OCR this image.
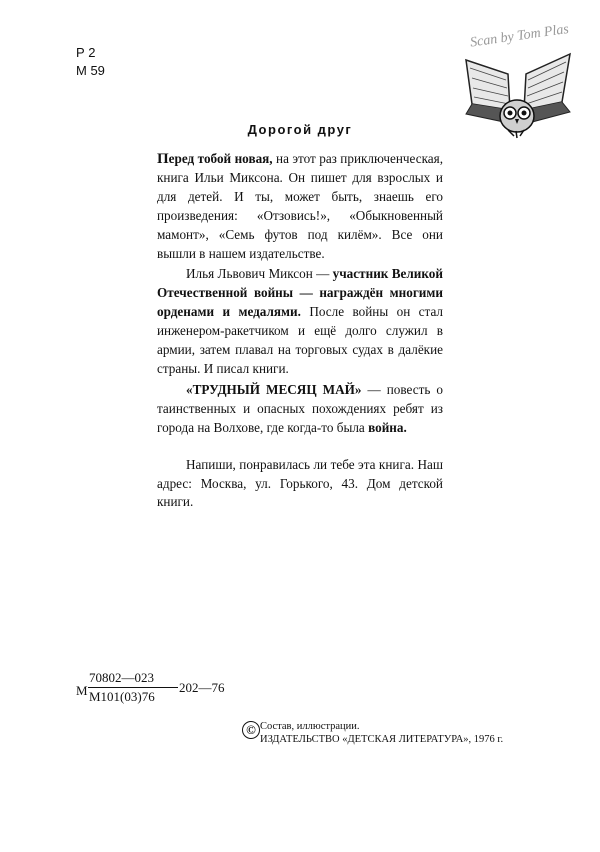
Р 2
М 59
Scan by Tom Plas
Дорогой друг

Перед тобой новая, на этот раз приключенческая, книга Ильи Миксона. Он пишет для взрослых и для детей. И ты, может быть, знаешь его произведения: «Отзовись!», «Обыкновенный мамонт», «Семь футов под килём». Все они вышли в нашем издательстве.

Илья Львович Миксон — участник Великой Отечественной войны — награждён многими орденами и медалями. После войны он стал инженером-ракетчиком и ещё долго служил в армии, затем плавал на торговых судах в далёкие страны. И писал книги.

«ТРУДНЫЙ МЕСЯЦ МАЙ» — повесть о таинственных и опасных похождениях ребят из города на Волхове, где когда-то была война.

Напиши, понравилась ли тебе эта книга. Наш адрес: Москва, ул. Горького, 43. Дом детской книги.

М
70802—023
М101(03)76
202—76
© Состав, иллюстрации.
ИЗДАТЕЛЬСТВО «ДЕТСКАЯ ЛИТЕРАТУРА», 1976 г.
